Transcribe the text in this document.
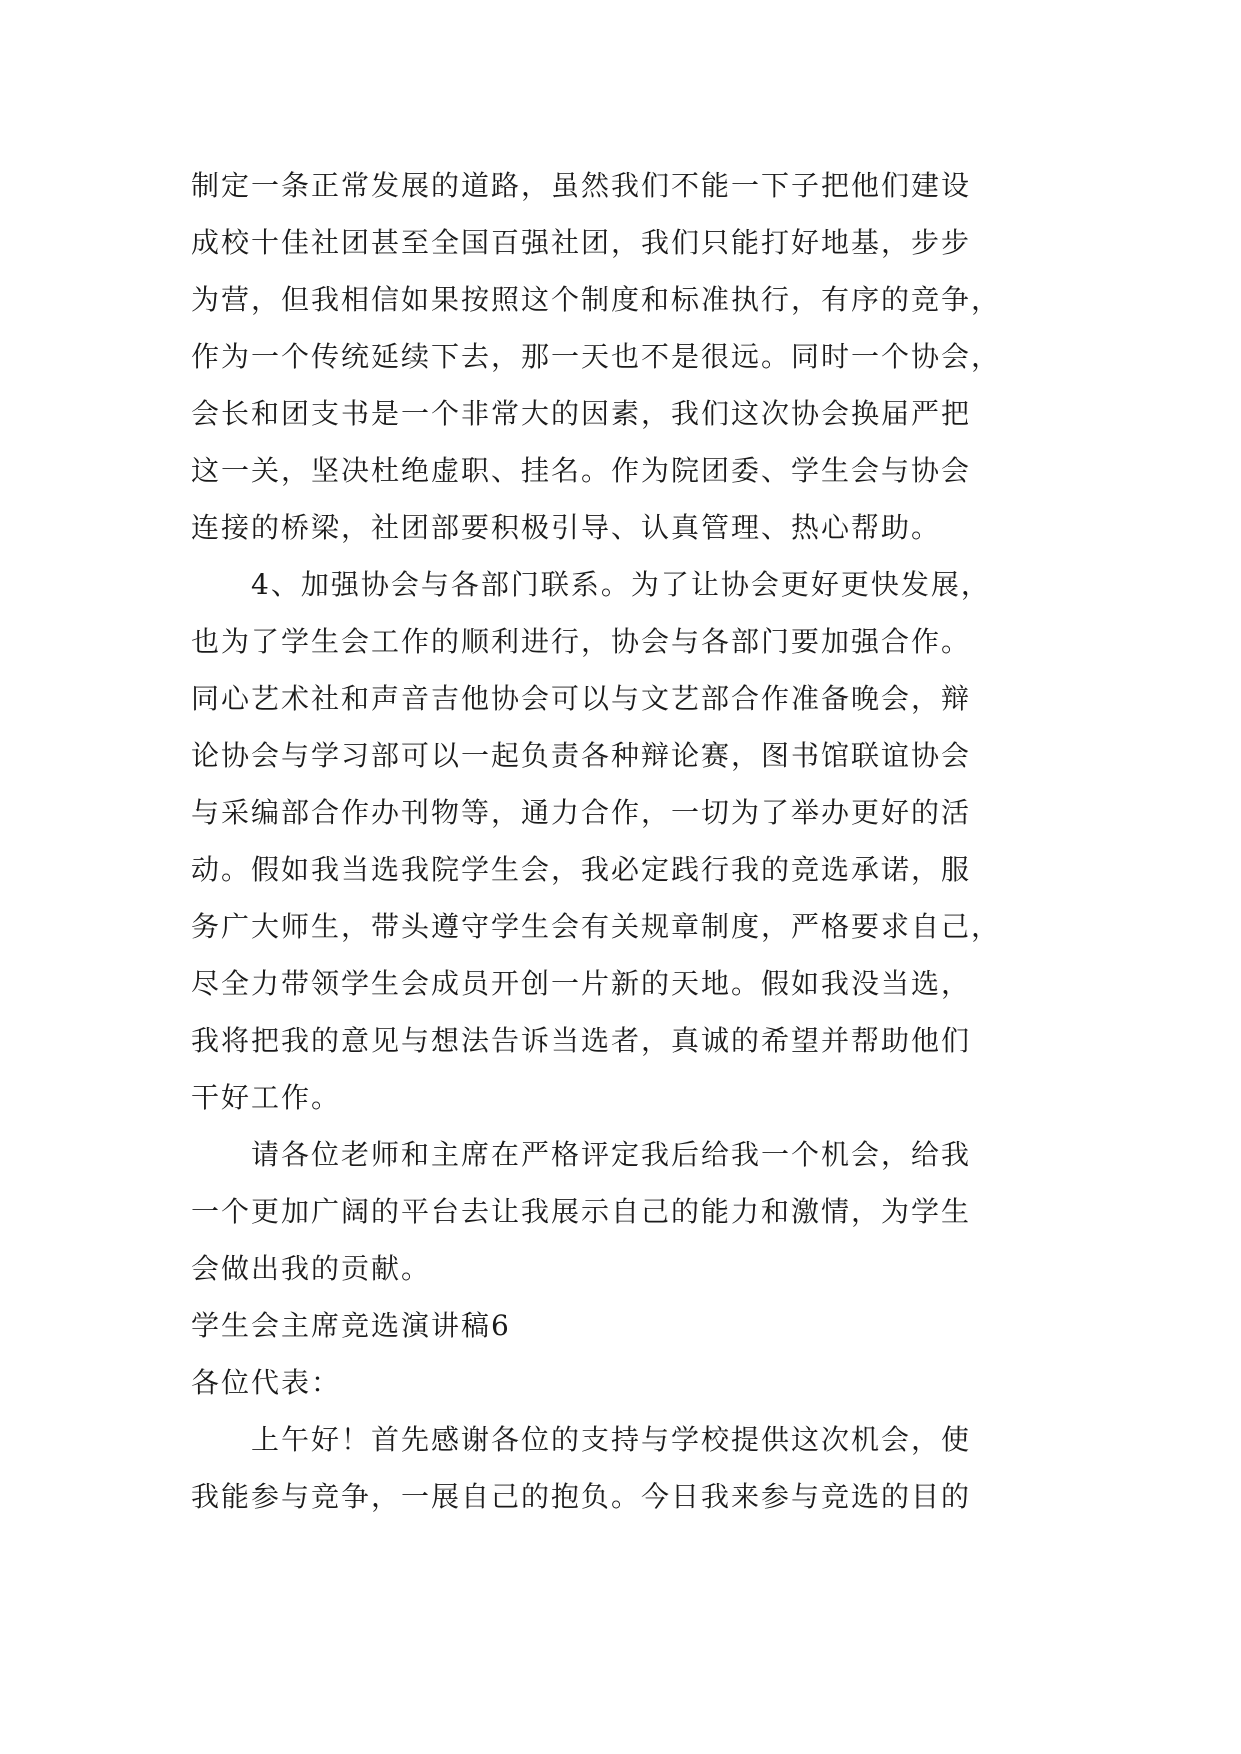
制定一条正常发展的道路，虽然我们不能一下子把他们建设
成校十佳社团甚至全国百强社团，我们只能打好地基，步步
为营，但我相信如果按照这个制度和标准执行，有序的竞争，
作为一个传统延续下去，那一天也不是很远。同时一个协会，
会长和团支书是一个非常大的因素，我们这次协会换届严把
这一关，坚决杜绝虚职、挂名。作为院团委、学生会与协会
连接的桥梁，社团部要积极引导、认真管理、热心帮助。
4、加强协会与各部门联系。为了让协会更好更快发展，
也为了学生会工作的顺利进行，协会与各部门要加强合作。
同心艺术社和声音吉他协会可以与文艺部合作准备晚会，辩
论协会与学习部可以一起负责各种辩论赛，图书馆联谊协会
与采编部合作办刊物等，通力合作，一切为了举办更好的活
动。假如我当选我院学生会，我必定践行我的竞选承诺，服
务广大师生，带头遵守学生会有关规章制度，严格要求自己，
尽全力带领学生会成员开创一片新的天地。假如我没当选，
我将把我的意见与想法告诉当选者，真诚的希望并帮助他们
干好工作。
请各位老师和主席在严格评定我后给我一个机会，给我
一个更加广阔的平台去让我展示自己的能力和激情，为学生
会做出我的贡献。
学生会主席竞选演讲稿6
各位代表：
上午好！首先感谢各位的支持与学校提供这次机会，使
我能参与竞争，一展自己的抱负。今日我来参与竞选的目的
